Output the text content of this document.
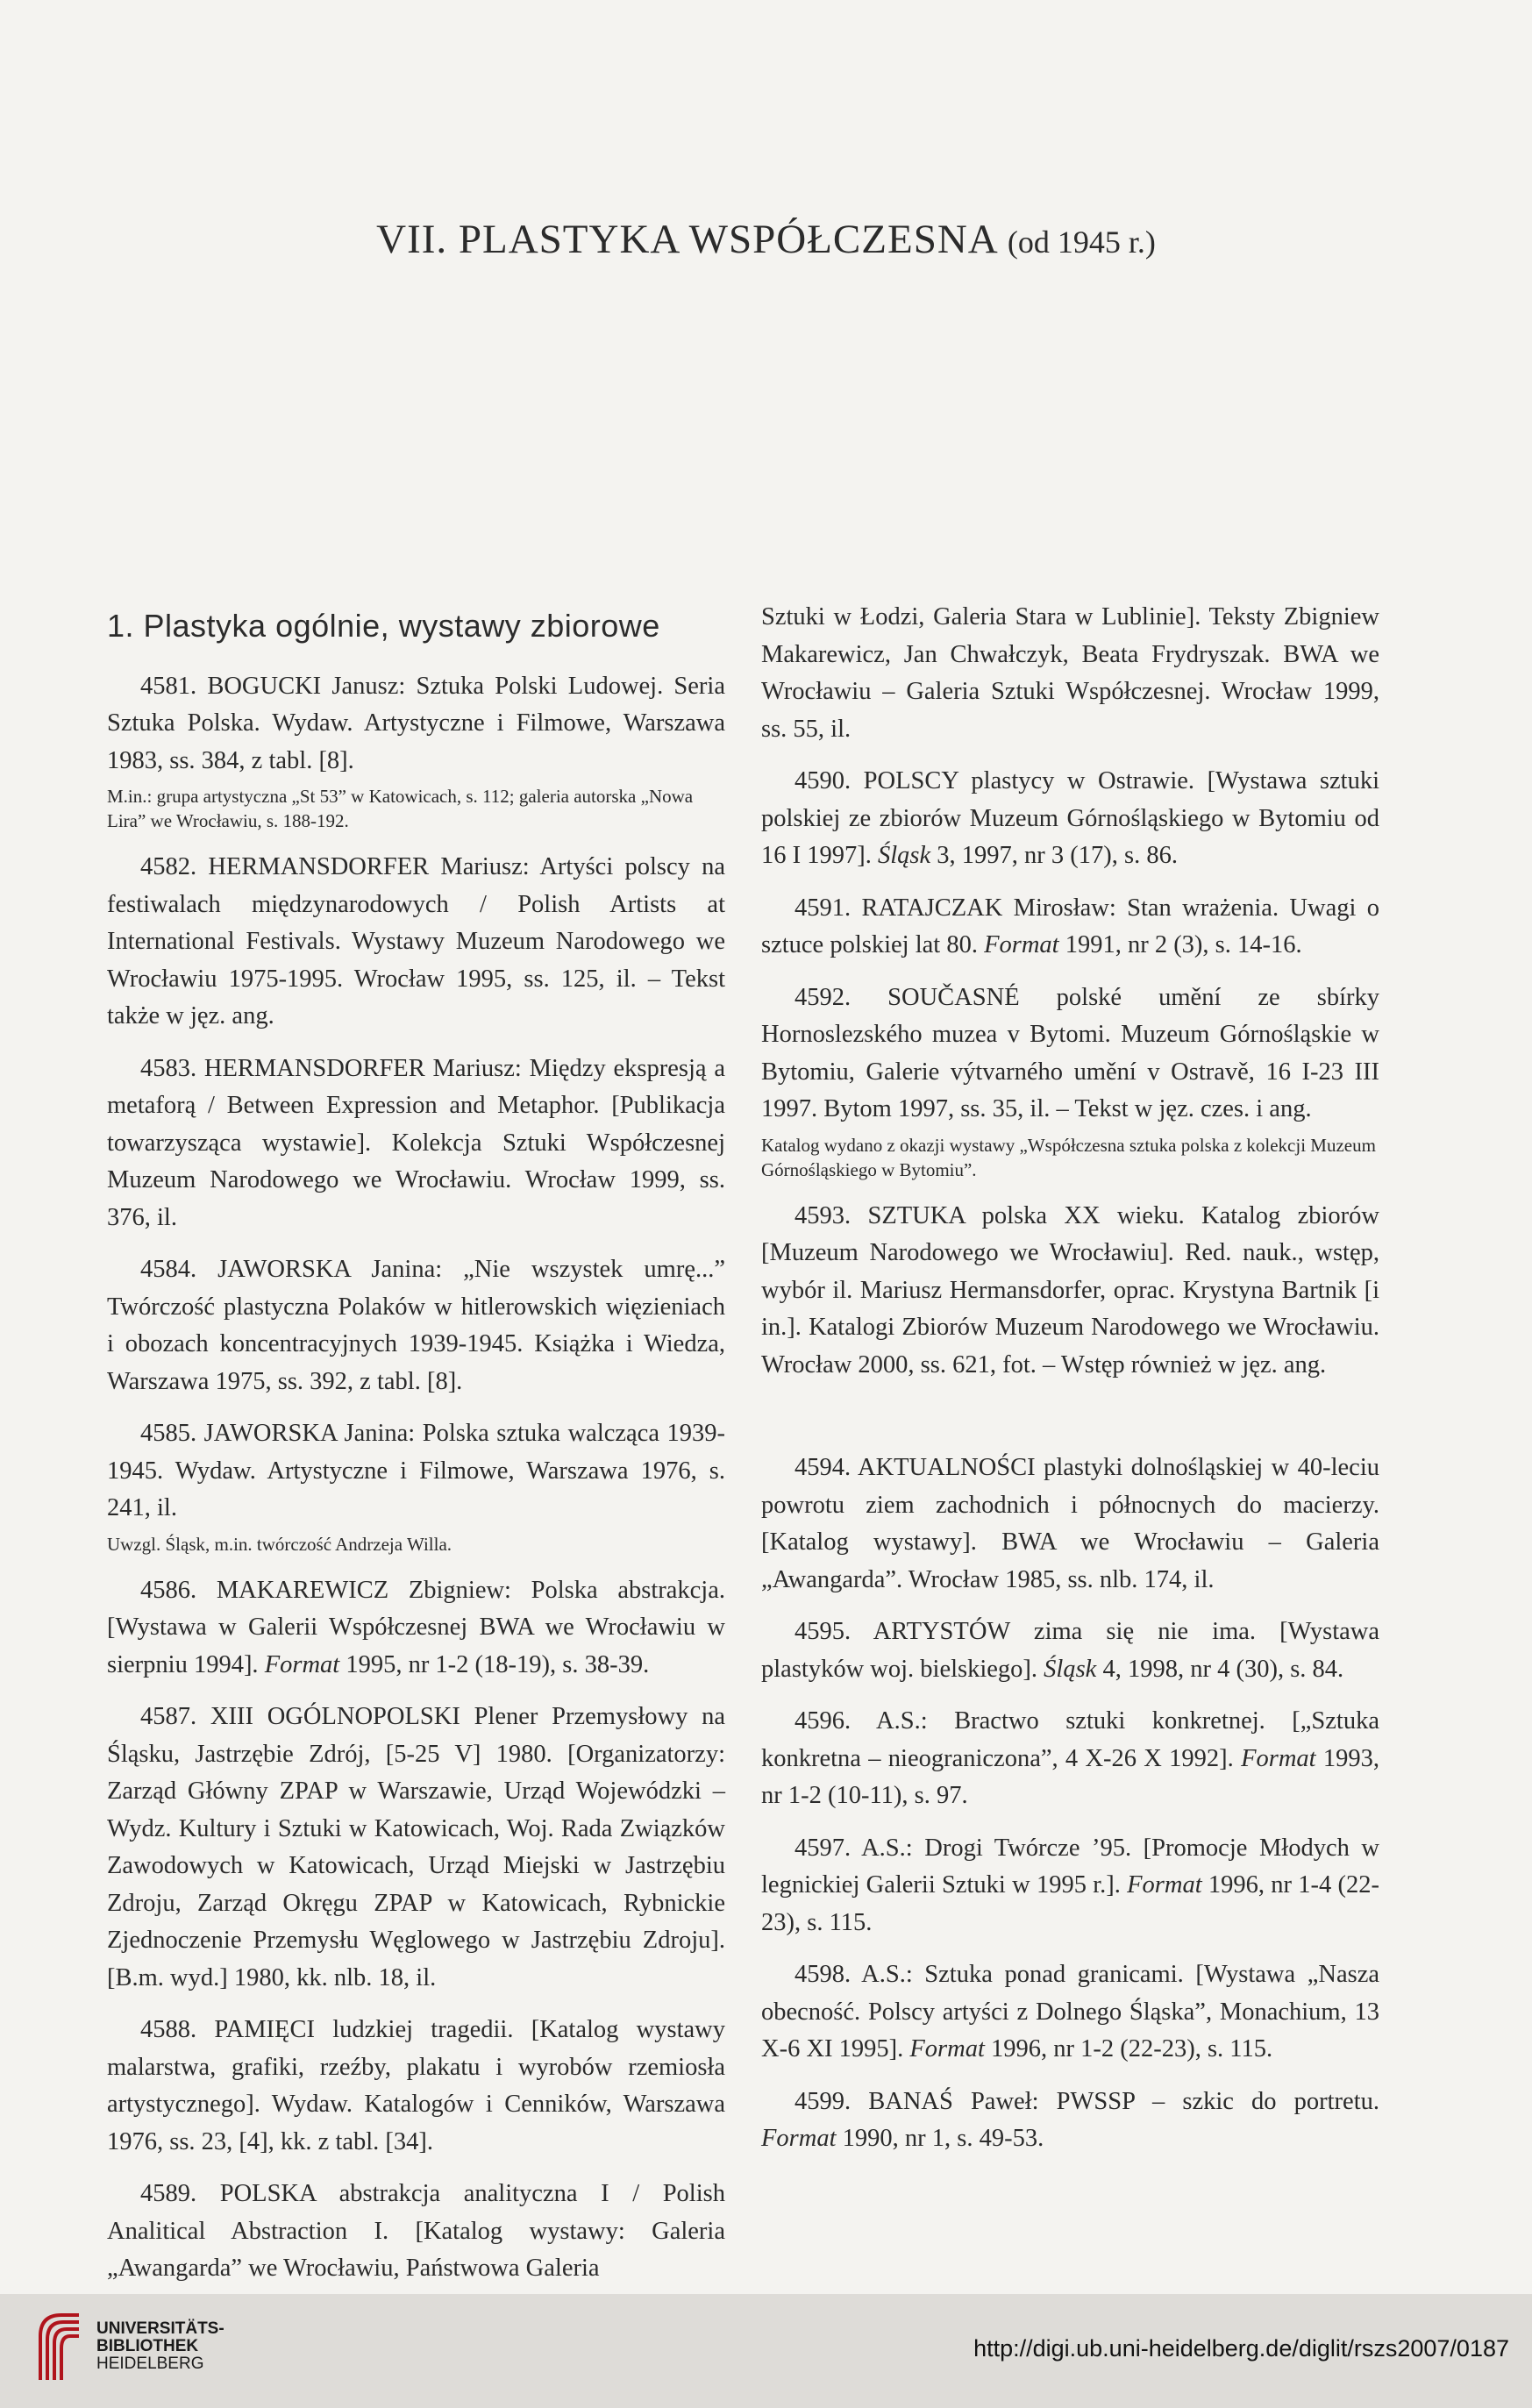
VII. PLASTYKA WSPÓŁCZESNA (od 1945 r.)
1. Plastyka ogólnie, wystawy zbiorowe

4581. BOGUCKI Janusz: Sztuka Polski Ludowej. Seria Sztuka Polska. Wydaw. Artystyczne i Filmowe, Warszawa 1983, ss. 384, z tabl. [8].

M.in.: grupa artystyczna „St 53” w Katowicach, s. 112; galeria autorska „Nowa Lira” we Wrocławiu, s. 188-192.

4582. HERMANSDORFER Mariusz: Artyści polscy na festiwalach międzynarodowych / Polish Artists at International Festivals. Wystawy Muzeum Narodowego we Wrocławiu 1975-1995. Wrocław 1995, ss. 125, il. – Tekst także w jęz. ang.

4583. HERMANSDORFER Mariusz: Między ekspresją a metaforą / Between Expression and Metaphor. [Publikacja towarzysząca wystawie]. Kolekcja Sztuki Współczesnej Muzeum Narodowego we Wrocławiu. Wrocław 1999, ss. 376, il.

4584. JAWORSKA Janina: „Nie wszystek umrę...” Twórczość plastyczna Polaków w hitlerowskich więzieniach i obozach koncentracyjnych 1939-1945. Książka i Wiedza, Warszawa 1975, ss. 392, z tabl. [8].

4585. JAWORSKA Janina: Polska sztuka walcząca 1939-1945. Wydaw. Artystyczne i Filmowe, Warszawa 1976, s. 241, il.

Uwzgl. Śląsk, m.in. twórczość Andrzeja Willa.

4586. MAKAREWICZ Zbigniew: Polska abstrakcja. [Wystawa w Galerii Współczesnej BWA we Wrocławiu w sierpniu 1994]. Format 1995, nr 1-2 (18-19), s. 38-39.

4587. XIII OGÓLNOPOLSKI Plener Przemysłowy na Śląsku, Jastrzębie Zdrój, [5-25 V] 1980. [Organizatorzy: Zarząd Główny ZPAP w Warszawie, Urząd Wojewódzki – Wydz. Kultury i Sztuki w Katowicach, Woj. Rada Związków Zawodowych w Katowicach, Urząd Miejski w Jastrzębiu Zdroju, Zarząd Okręgu ZPAP w Katowicach, Rybnickie Zjednoczenie Przemysłu Węglowego w Jastrzębiu Zdroju]. [B.m. wyd.] 1980, kk. nlb. 18, il.

4588. PAMIĘCI ludzkiej tragedii. [Katalog wystawy malarstwa, grafiki, rzeźby, plakatu i wyrobów rzemiosła artystycznego]. Wydaw. Katalogów i Cenników, Warszawa 1976, ss. 23, [4], kk. z tabl. [34].

4589. POLSKA abstrakcja analityczna I / Polish Analitical Abstraction I. [Katalog wystawy: Galeria „Awangarda” we Wrocławiu, Państwowa Galeria

Sztuki w Łodzi, Galeria Stara w Lublinie]. Teksty Zbigniew Makarewicz, Jan Chwałczyk, Beata Frydryszak. BWA we Wrocławiu – Galeria Sztuki Współczesnej. Wrocław 1999, ss. 55, il.

4590. POLSCY plastycy w Ostrawie. [Wystawa sztuki polskiej ze zbiorów Muzeum Górnośląskiego w Bytomiu od 16 I 1997]. Śląsk 3, 1997, nr 3 (17), s. 86.

4591. RATAJCZAK Mirosław: Stan wrażenia. Uwagi o sztuce polskiej lat 80. Format 1991, nr 2 (3), s. 14-16.

4592. SOUČASNÉ polské umění ze sbírky Hornoslezského muzea v Bytomi. Muzeum Górnośląskie w Bytomiu, Galerie výtvarného umění v Ostravě, 16 I-23 III 1997. Bytom 1997, ss. 35, il. – Tekst w jęz. czes. i ang.

Katalog wydano z okazji wystawy „Współczesna sztuka polska z kolekcji Muzeum Górnośląskiego w Bytomiu”.

4593. SZTUKA polska XX wieku. Katalog zbiorów [Muzeum Narodowego we Wrocławiu]. Red. nauk., wstęp, wybór il. Mariusz Hermansdorfer, oprac. Krystyna Bartnik [i in.]. Katalogi Zbiorów Muzeum Narodowego we Wrocławiu. Wrocław 2000, ss. 621, fot. – Wstęp również w jęz. ang.

4594. AKTUALNOŚCI plastyki dolnośląskiej w 40-leciu powrotu ziem zachodnich i północnych do macierzy. [Katalog wystawy]. BWA we Wrocławiu – Galeria „Awangarda”. Wrocław 1985, ss. nlb. 174, il.

4595. ARTYSTÓW zima się nie ima. [Wystawa plastyków woj. bielskiego]. Śląsk 4, 1998, nr 4 (30), s. 84.

4596. A.S.: Bractwo sztuki konkretnej. [„Sztuka konkretna – nieograniczona”, 4 X-26 X 1992]. Format 1993, nr 1-2 (10-11), s. 97.

4597. A.S.: Drogi Twórcze ’95. [Promocje Młodych w legnickiej Galerii Sztuki w 1995 r.]. Format 1996, nr 1-4 (22-23), s. 115.

4598. A.S.: Sztuka ponad granicami. [Wystawa „Nasza obecność. Polscy artyści z Dolnego Śląska”, Monachium, 13 X-6 XI 1995]. Format 1996, nr 1-2 (22-23), s. 115.

4599. BANAŚ Paweł: PWSSP – szkic do portretu. Format 1990, nr 1, s. 49-53.

UNIVERSITÄTS-
BIBLIOTHEK
HEIDELBERG
http://digi.ub.uni-heidelberg.de/diglit/rszs2007/0187
